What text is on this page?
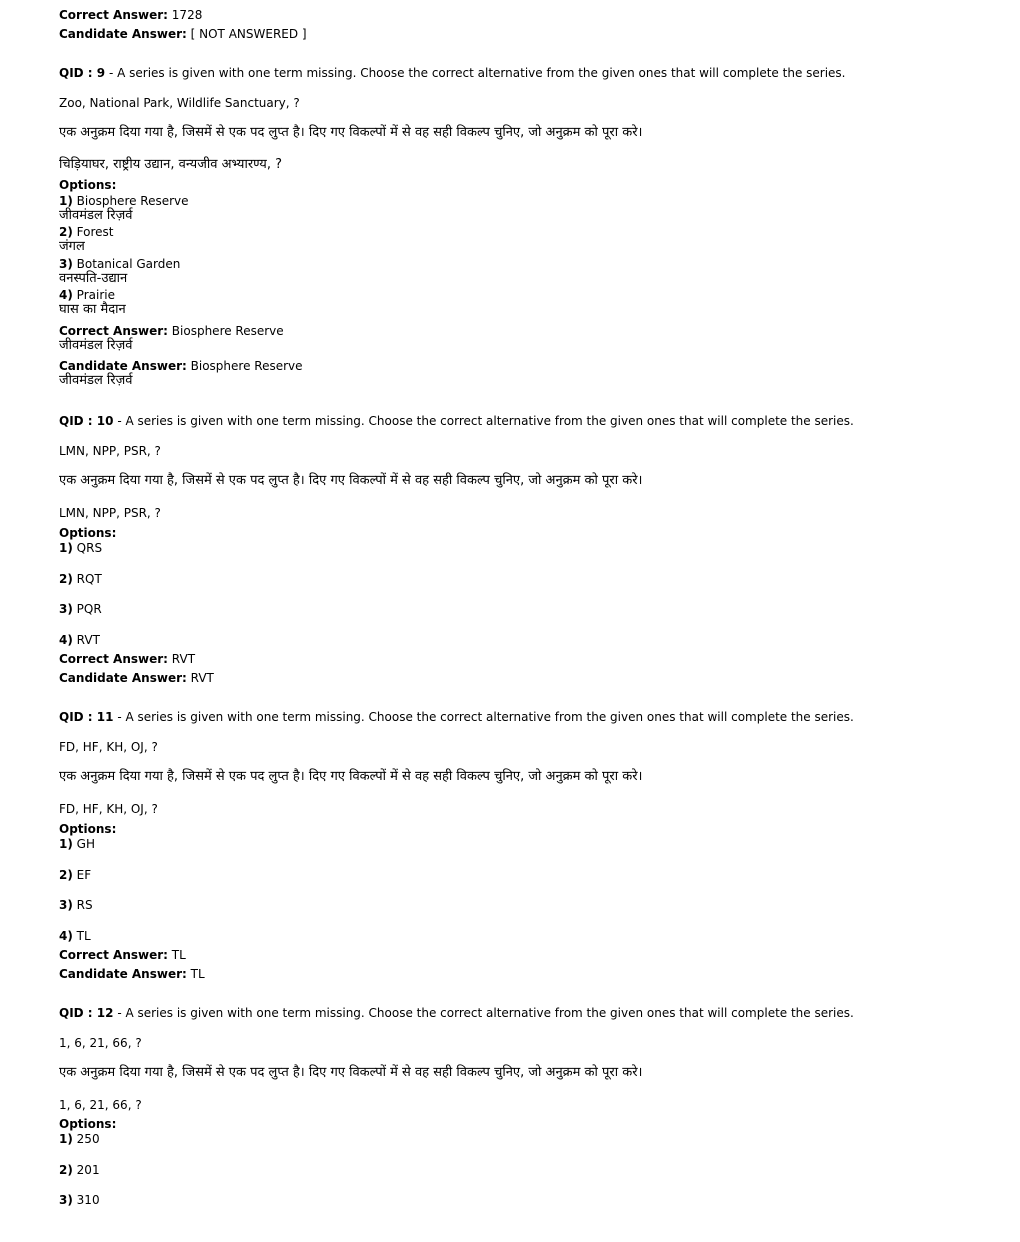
Correct Answer: 1728
Candidate Answer: [ NOT ANSWERED ]
QID : 9 - A series is given with one term missing. Choose the correct alternative from the given ones that will complete the series.
Zoo, National Park, Wildlife Sanctuary, ?
एक अनुक्रम दिया गया है, जिसमें से एक पद लुप्त है। दिए गए विकल्पों में से वह सही विकल्प चुनिए, जो अनुक्रम को पूरा करे।
चिड़ियाघर, राष्ट्रीय उद्यान, वन्यजीव अभ्यारण्य, ?
Options:
1) Biosphere Reserve
जीवमंडल रिज़र्व
2) Forest
जंगल
3) Botanical Garden
वनस्पति-उद्यान
4) Prairie
घास का मैदान
Correct Answer: Biosphere Reserve
जीवमंडल रिज़र्व
Candidate Answer: Biosphere Reserve
जीवमंडल रिज़र्व
QID : 10 - A series is given with one term missing. Choose the correct alternative from the given ones that will complete the series.
LMN, NPP, PSR, ?
एक अनुक्रम दिया गया है, जिसमें से एक पद लुप्त है। दिए गए विकल्पों में से वह सही विकल्प चुनिए, जो अनुक्रम को पूरा करे।
LMN, NPP, PSR, ?
Options:
1) QRS
2) RQT
3) PQR
4) RVT
Correct Answer: RVT
Candidate Answer: RVT
QID : 11 - A series is given with one term missing. Choose the correct alternative from the given ones that will complete the series.
FD, HF, KH, OJ, ?
एक अनुक्रम दिया गया है, जिसमें से एक पद लुप्त है। दिए गए विकल्पों में से वह सही विकल्प चुनिए, जो अनुक्रम को पूरा करे।
FD, HF, KH, OJ, ?
Options:
1) GH
2) EF
3) RS
4) TL
Correct Answer: TL
Candidate Answer: TL
QID : 12 - A series is given with one term missing. Choose the correct alternative from the given ones that will complete the series.
1, 6, 21, 66, ?
एक अनुक्रम दिया गया है, जिसमें से एक पद लुप्त है। दिए गए विकल्पों में से वह सही विकल्प चुनिए, जो अनुक्रम को पूरा करे।
1, 6, 21, 66, ?
Options:
1) 250
2) 201
3) 310
